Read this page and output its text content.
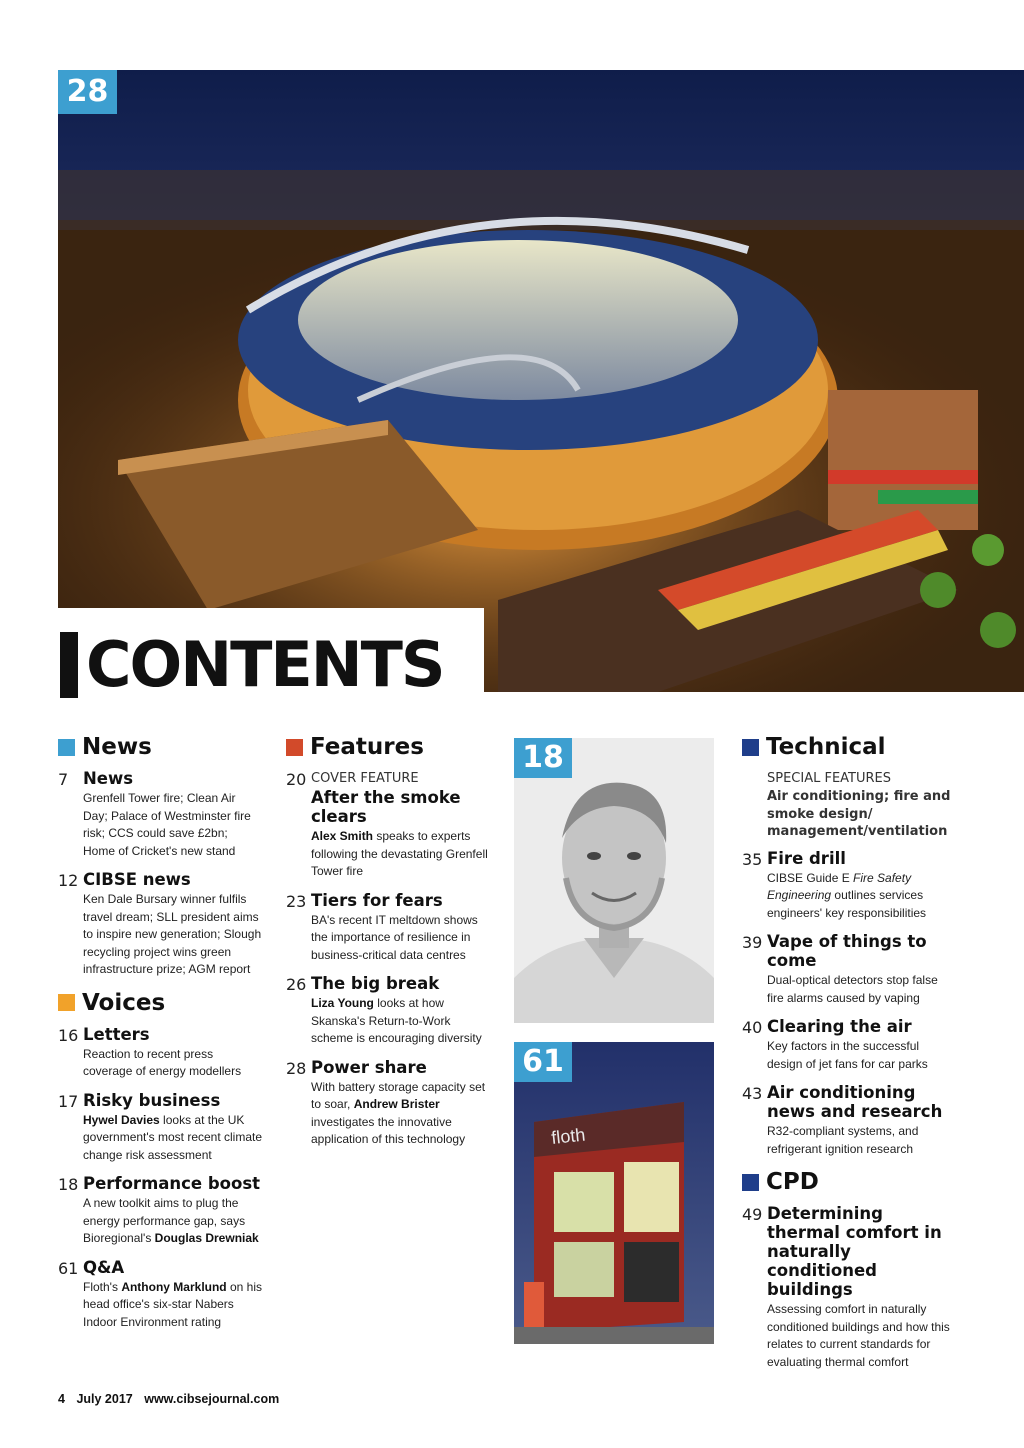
28
CONTENTS
News
7 News
Grenfell Tower fire; Clean Air Day; Palace of Westminster fire risk; CCS could save £2bn; Home of Cricket's new stand
12 CIBSE news
Ken Dale Bursary winner fulfils travel dream; SLL president aims to inspire new generation; Slough recycling project wins green infrastructure prize; AGM report
Voices
16 Letters
Reaction to recent press coverage of energy modellers
17 Risky business
Hywel Davies looks at the UK government's most recent climate change risk assessment
18 Performance boost
A new toolkit aims to plug the energy performance gap, says Bioregional's Douglas Drewniak
61 Q&A
Floth's Anthony Marklund on his head office's six-star Nabers Indoor Environment rating
Features
20 COVER FEATURE
After the smoke clears
Alex Smith speaks to experts following the devastating Grenfell Tower fire
23 Tiers for fears
BA's recent IT meltdown shows the importance of resilience in business-critical data centres
26 The big break
Liza Young looks at how Skanska's Return-to-Work scheme is encouraging diversity
28 Power share
With battery storage capacity set to soar, Andrew Brister investigates the innovative application of this technology
18
floth
61
Technical
SPECIAL FEATURES
Air conditioning; fire and smoke design/ management/ventilation
35 Fire drill
CIBSE Guide E Fire Safety Engineering outlines services engineers' key responsibilities
39 Vape of things to come
Dual-optical detectors stop false fire alarms caused by vaping
40 Clearing the air
Key factors in the successful design of jet fans for car parks
43 Air conditioning news and research
R32-compliant systems, and refrigerant ignition research
CPD
49 Determining thermal comfort in naturally conditioned buildings
Assessing comfort in naturally conditioned buildings and how this relates to current standards for evaluating thermal comfort
4 July 2017 www.cibsejournal.com
